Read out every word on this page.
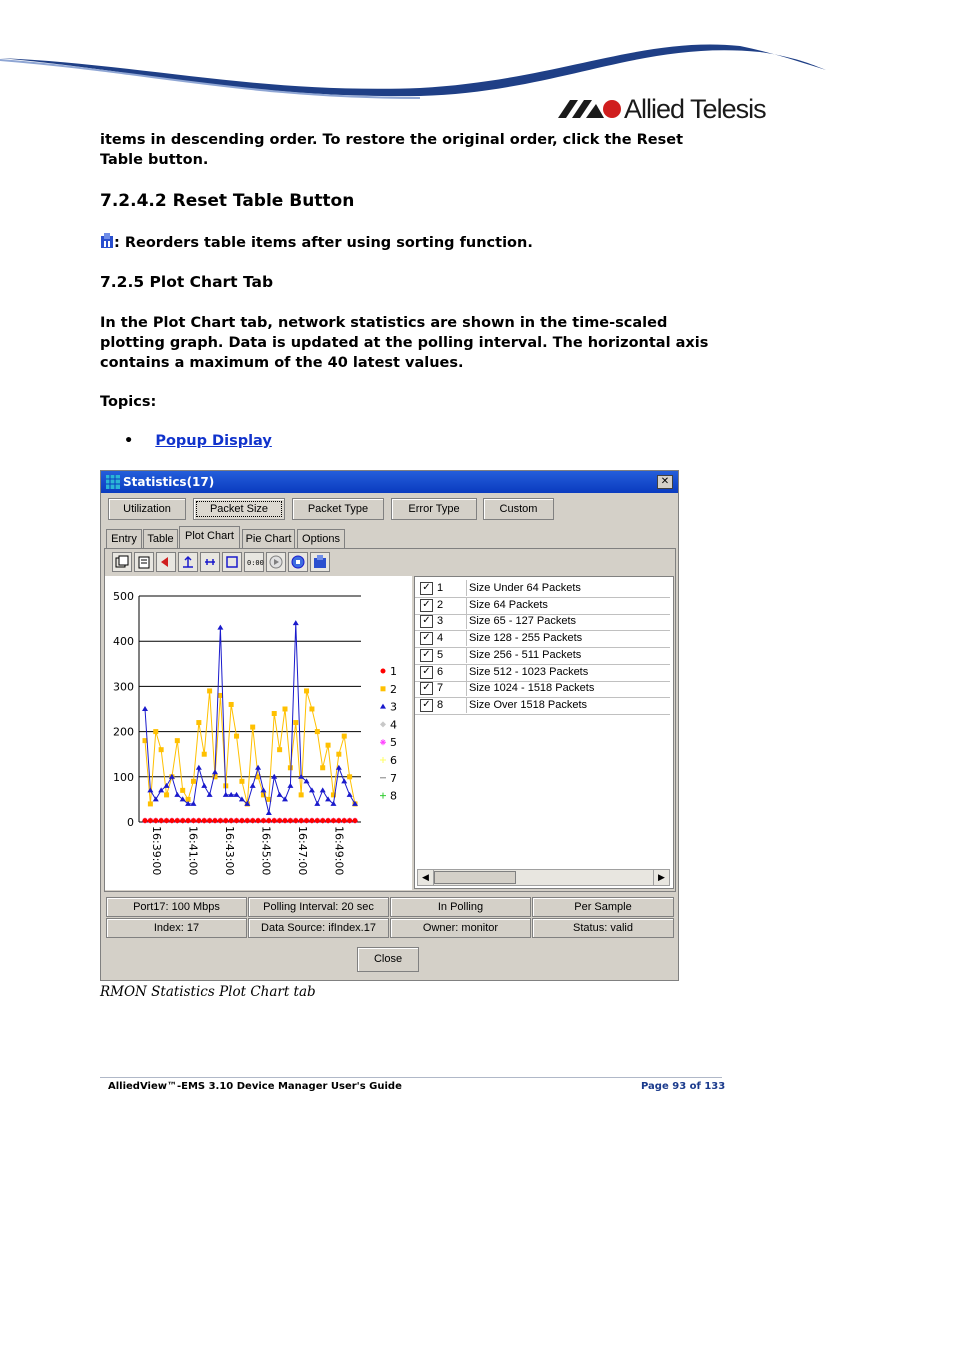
Allied Telesis
items in descending order. To restore the original order, click the Reset Table button.
7.2.4.2 Reset Table Button
: Reorders table items after using sorting function.
7.2.5 Plot Chart Tab
In the Plot Chart tab, network statistics are shown in the time-scaled plotting graph. Data is updated at the polling interval. The horizontal axis contains a maximum of the 40 latest values.
Topics:
• Popup Display
Statistics(17)	✕
Utilization	Packet Size	Packet Type	Error Type	Custom
Entry Table	Plot Chart	Pie Chart Options
0:00
500
400
300
200
100
0
16:39:00 16:41:00 16:43:00 16:45:00 16:47:00 16:49:00
1
2
3
4
5
6
7
8
✓ 1 Size Under 64 Packets
✓ 2 Size 64 Packets
✓ 3 Size 65 - 127 Packets
✓ 4 Size 128 - 255 Packets
✓ 5 Size 256 - 511 Packets
✓ 6 Size 512 - 1023 Packets
✓ 7 Size 1024 - 1518 Packets
✓ 8 Size Over 1518 Packets
◀	▶
Port17: 100 Mbps	Polling Interval: 20 sec	In Polling	Per Sample
Index: 17	Data Source: ifIndex.17	Owner: monitor	Status: valid
Close
RMON Statistics Plot Chart tab
AlliedView™-EMS 3.10 Device Manager User's Guide	Page 93 of 133
